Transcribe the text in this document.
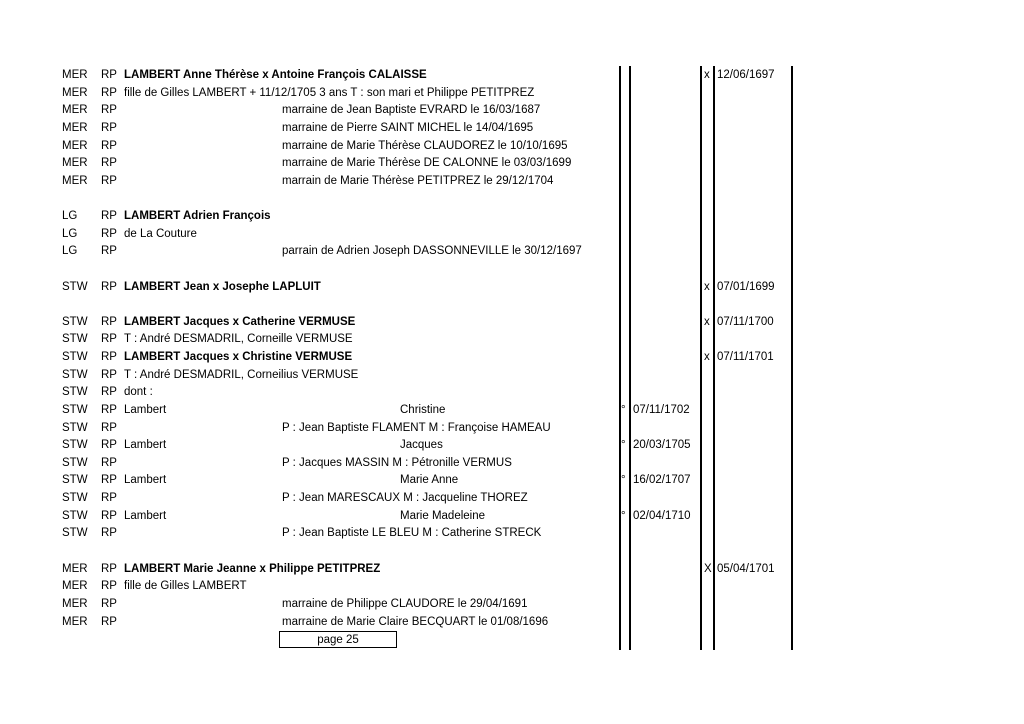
MER RP LAMBERT Anne Thérèse x Antoine François CALAISSE	x 12/06/1697
MER RP fille de Gilles LAMBERT + 11/12/1705 3 ans T : son mari et Philippe PETITPREZ
MER RP	marraine de Jean Baptiste EVRARD le 16/03/1687
MER RP	marraine de Pierre SAINT MICHEL le 14/04/1695
MER RP	marraine de Marie Thérèse CLAUDOREZ le 10/10/1695
MER RP	marraine de Marie Thérèse DE CALONNE le 03/03/1699
MER RP	marrain de Marie Thérèse PETITPREZ le 29/12/1704
LG RP LAMBERT Adrien François
LG RP de La Couture
LG RP	parrain de Adrien Joseph DASSONNEVILLE le 30/12/1697
STW RP LAMBERT Jean x Josephe LAPLUIT	x 07/01/1699
STW RP LAMBERT Jacques x Catherine VERMUSE	x 07/11/1700
STW RP T : André DESMADRIL, Corneille VERMUSE
STW RP LAMBERT Jacques x Christine VERMUSE	x 07/11/1701
STW RP T : André DESMADRIL, Corneilius VERMUSE
STW RP dont :
STW RP Lambert	Christine	° 07/11/1702
STW RP	P : Jean Baptiste FLAMENT M : Françoise HAMEAU
STW RP Lambert	Jacques	° 20/03/1705
STW RP	P : Jacques MASSIN M : Pétronille VERMUS
STW RP Lambert	Marie Anne	° 16/02/1707
STW RP	P : Jean MARESCAUX M : Jacqueline THOREZ
STW RP Lambert	Marie Madeleine	° 02/04/1710
STW RP	P : Jean Baptiste LE BLEU M : Catherine STRECK
MER RP LAMBERT Marie Jeanne x Philippe PETITPREZ	X 05/04/1701
MER RP fille de Gilles LAMBERT
MER RP	marraine de Philippe CLAUDORE le 29/04/1691
MER RP	marraine de Marie Claire BECQUART le 01/08/1696
page 25
